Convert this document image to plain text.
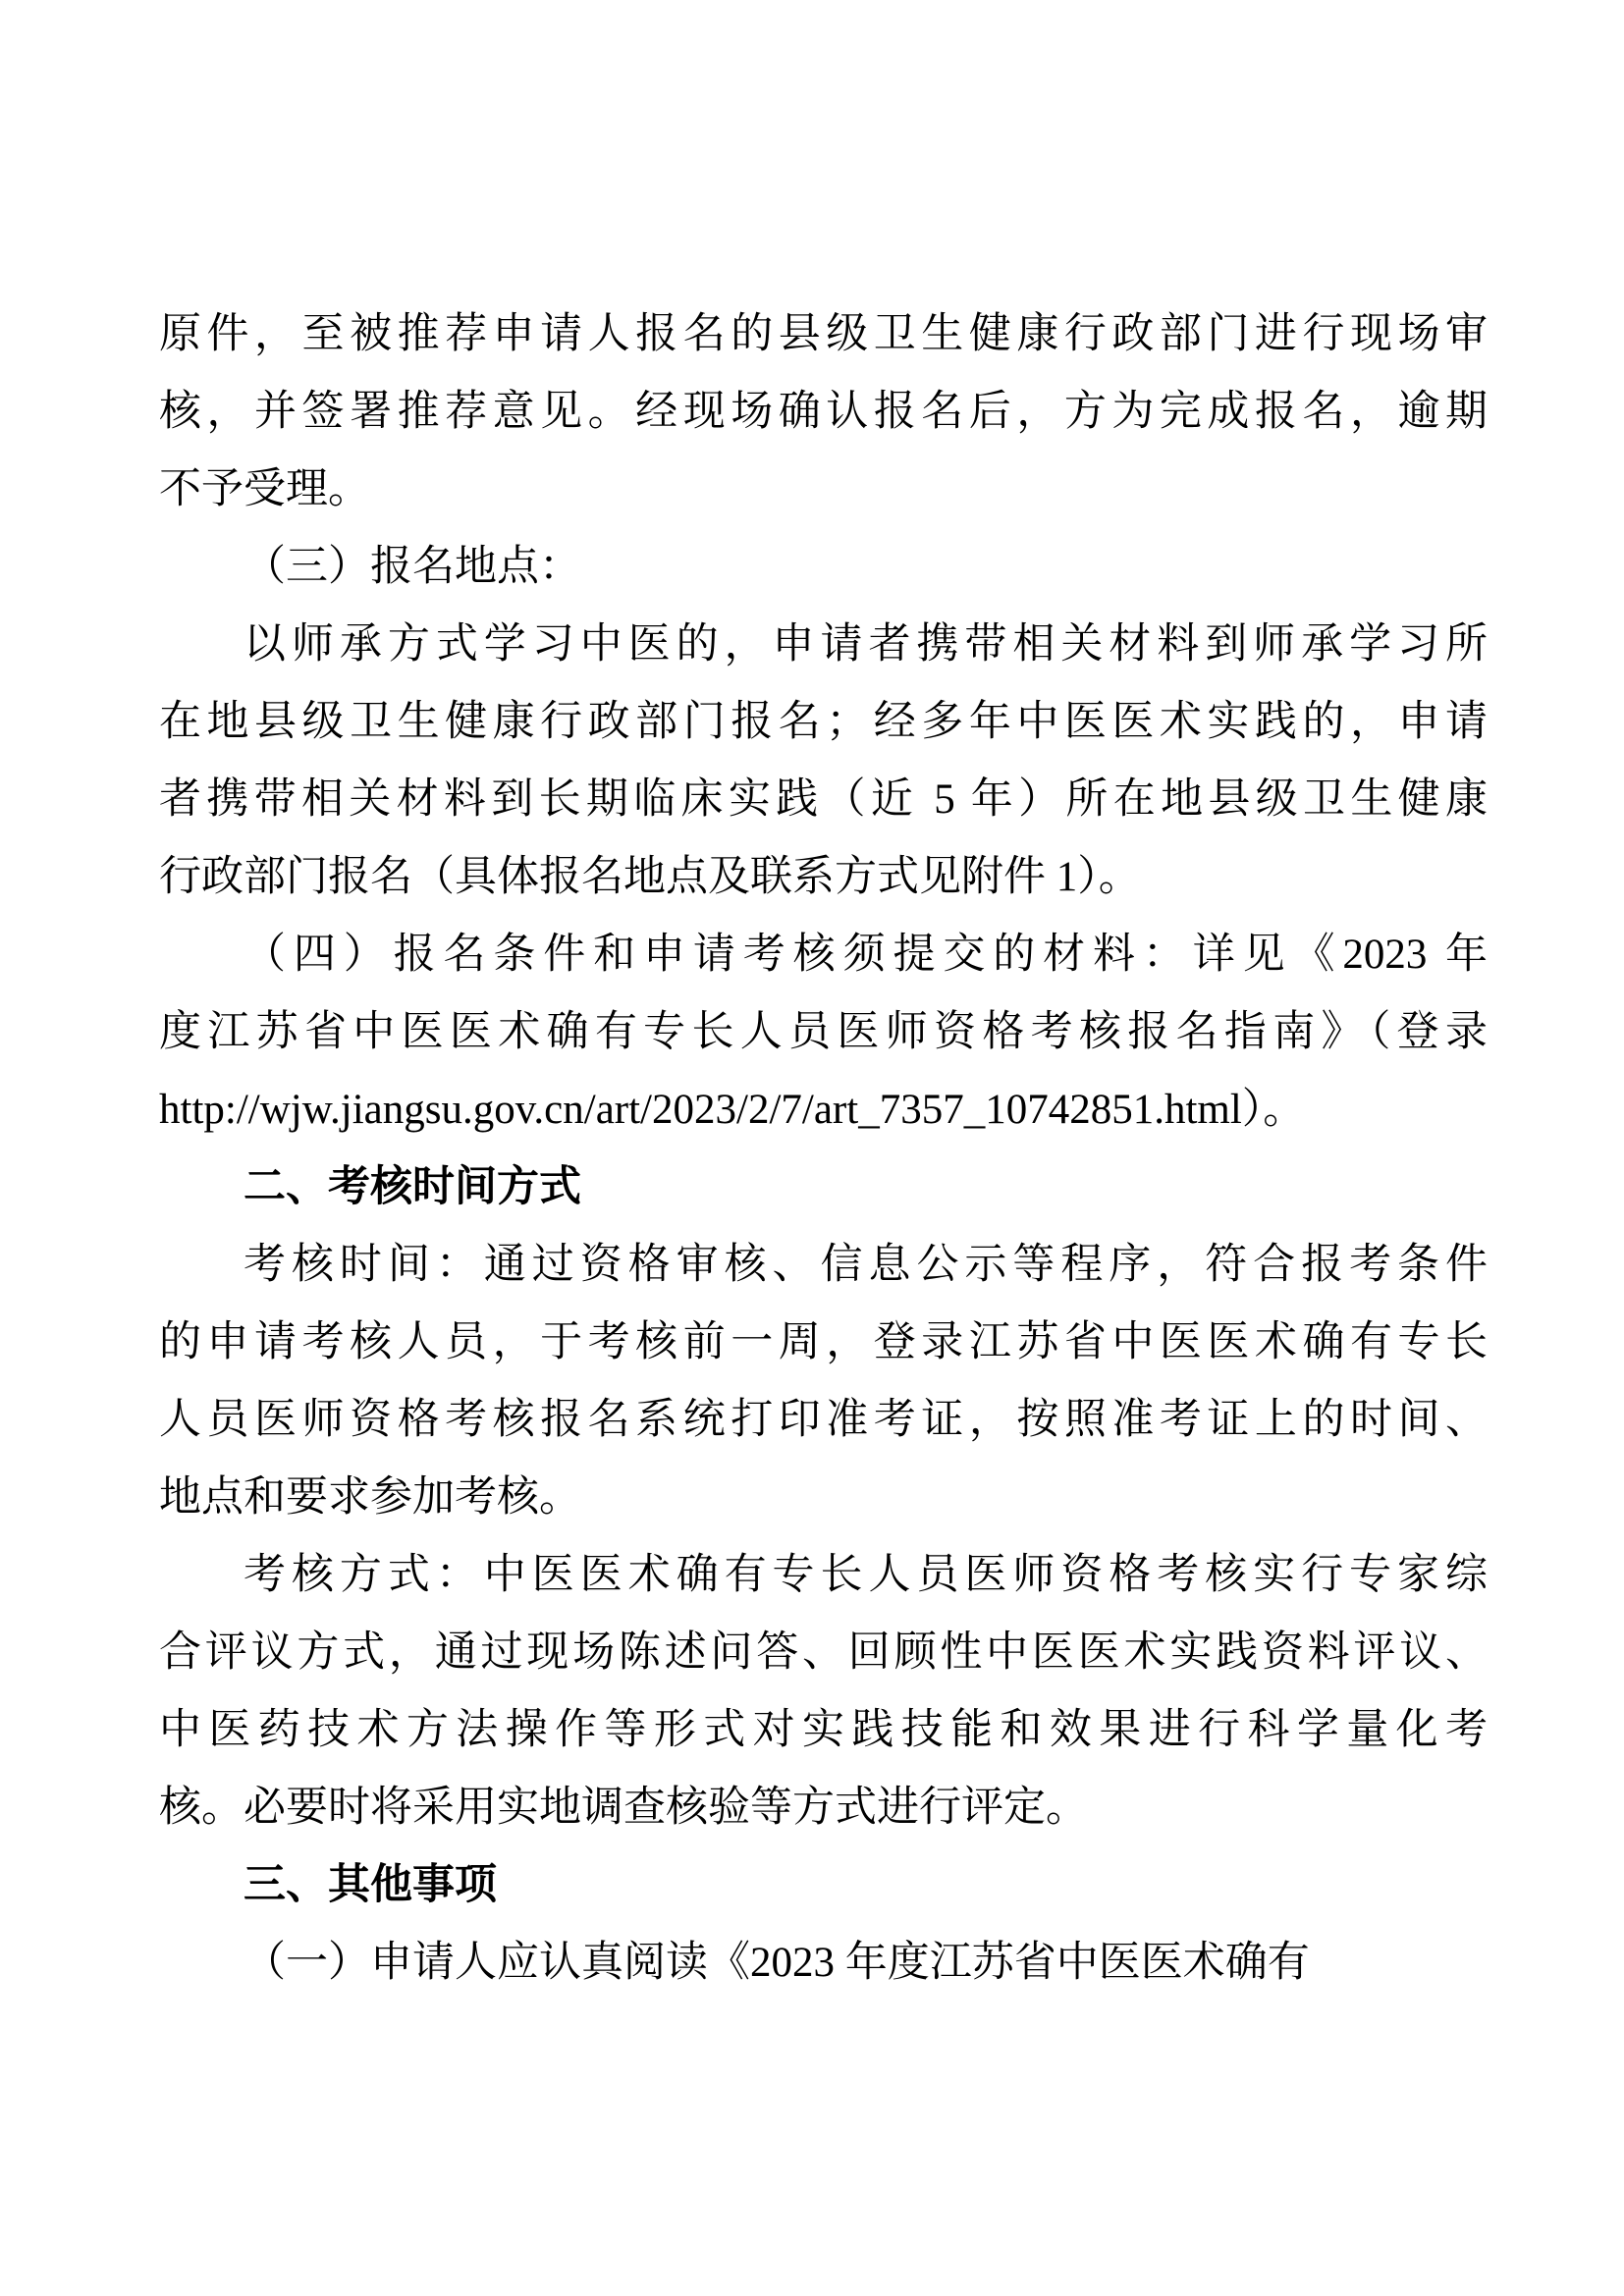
原件，至被推荐申请人报名的县级卫生健康行政部门进行现场审
核，并签署推荐意见。经现场确认报名后，方为完成报名，逾期
不予受理。
（三）报名地点：
以师承方式学习中医的，申请者携带相关材料到师承学习所
在地县级卫生健康行政部门报名；经多年中医医术实践的，申请
者携带相关材料到长期临床实践（近 5 年）所在地县级卫生健康
行政部门报名（具体报名地点及联系方式见附件 1）。
（四）报名条件和申请考核须提交的材料：详见《2023 年
度江苏省中医医术确有专长人员医师资格考核报名指南》（登录
http://wjw.jiangsu.gov.cn/art/2023/2/7/art_7357_10742851.html）。
二、考核时间方式
考核时间：通过资格审核、信息公示等程序，符合报考条件
的申请考核人员，于考核前一周，登录江苏省中医医术确有专长
人员医师资格考核报名系统打印准考证，按照准考证上的时间、
地点和要求参加考核。
考核方式：中医医术确有专长人员医师资格考核实行专家综
合评议方式，通过现场陈述问答、回顾性中医医术实践资料评议、
中医药技术方法操作等形式对实践技能和效果进行科学量化考
核。必要时将采用实地调查核验等方式进行评定。
三、其他事项
（一）申请人应认真阅读《2023 年度江苏省中医医术确有
